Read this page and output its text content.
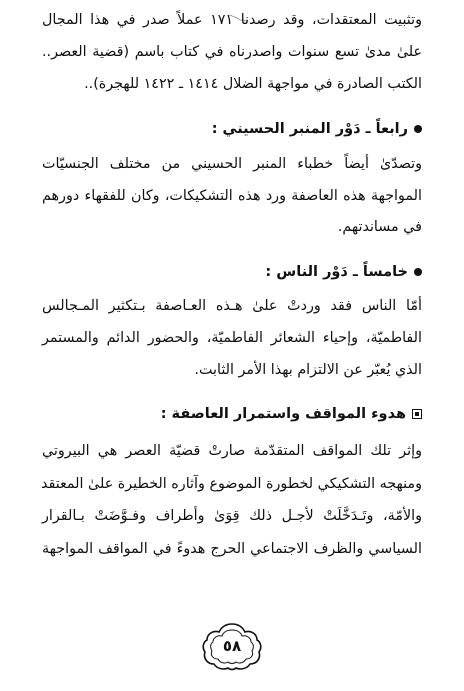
وتثبيت المعتقدات، وقد رصدنا ١٧١ عملاً صدر في هذا المجال
علىٰ مدىٰ تسع سنوات واصدرناه في كتاب باسم (قضية العصر..
الكتب الصادرة في مواجهة الضلال ١٤١٤ ـ ١٤٢٢ للهجرة)..
رابعاً ـ دَوْر المنبر الحسيني :
وتصدّىٰ أيضاً خطباء المنبر الحسيني من مختلف الجنسيّات
المواجهة هذه العاصفة ورد هذه التشكيكات، وكان للفقهاء دورهم
في مساندتهم.
خامساً ـ دَوْر الناس :
أمّا الناس فقد وردتْ علىٰ هـذه العـاصفة بـتكثير المـجالس
الفاطميّة، وإحياء الشعائر الفاطميّة، والحضور الدائم والمستمر
الذي يُعبّر عن الالتزام بهذا الأمر الثابت.
هدوء المواقف واستمرار العاصفة :
وإثر تلك المواقف المتقدّمة صارتْ قضيّة العصر هي البيروتي
ومنهجه التشكيكي لخطورة الموضوع وآثاره الخطيرة علىٰ المعتقد
والأمّة، وتَـدَخَّلَتْ لأجـل ذلك قِوَىٰ وأطراف وفـوَّضَتْ بـالقرار
السياسي والظرف الاجتماعي الحرج هدوءً في المواقف المواجهة
٥٨
